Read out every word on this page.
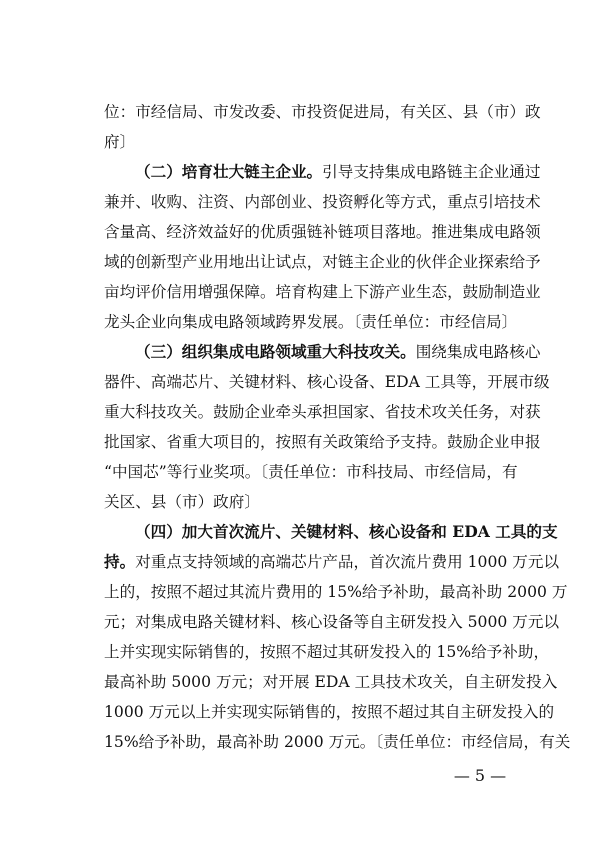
位：市经信局、市发改委、市投资促进局，有关区、县（市）政
府〕
（二）培育壮大链主企业。引导支持集成电路链主企业通过
兼并、收购、注资、内部创业、投资孵化等方式，重点引培技术
含量高、经济效益好的优质强链补链项目落地。推进集成电路领
域的创新型产业用地出让试点，对链主企业的伙伴企业探索给予
亩均评价信用增强保障。培育构建上下游产业生态，鼓励制造业
龙头企业向集成电路领域跨界发展。〔责任单位：市经信局〕
（三）组织集成电路领域重大科技攻关。围绕集成电路核心
器件、高端芯片、关键材料、核心设备、EDA 工具等，开展市级
重大科技攻关。鼓励企业牵头承担国家、省技术攻关任务，对获
批国家、省重大项目的，按照有关政策给予支持。鼓励企业申报
“中国芯”等行业奖项。〔责任单位：市科技局、市经信局，有
关区、县（市）政府〕
（四）加大首次流片、关键材料、核心设备和 EDA 工具的支
持。对重点支持领域的高端芯片产品，首次流片费用 1000 万元以
上的，按照不超过其流片费用的 15%给予补助，最高补助 2000 万
元；对集成电路关键材料、核心设备等自主研发投入 5000 万元以
上并实现实际销售的，按照不超过其研发投入的 15%给予补助，
最高补助 5000 万元；对开展 EDA 工具技术攻关，自主研发投入
1000 万元以上并实现实际销售的，按照不超过其自主研发投入的
15%给予补助，最高补助 2000 万元。〔责任单位：市经信局，有关
— 5 —
